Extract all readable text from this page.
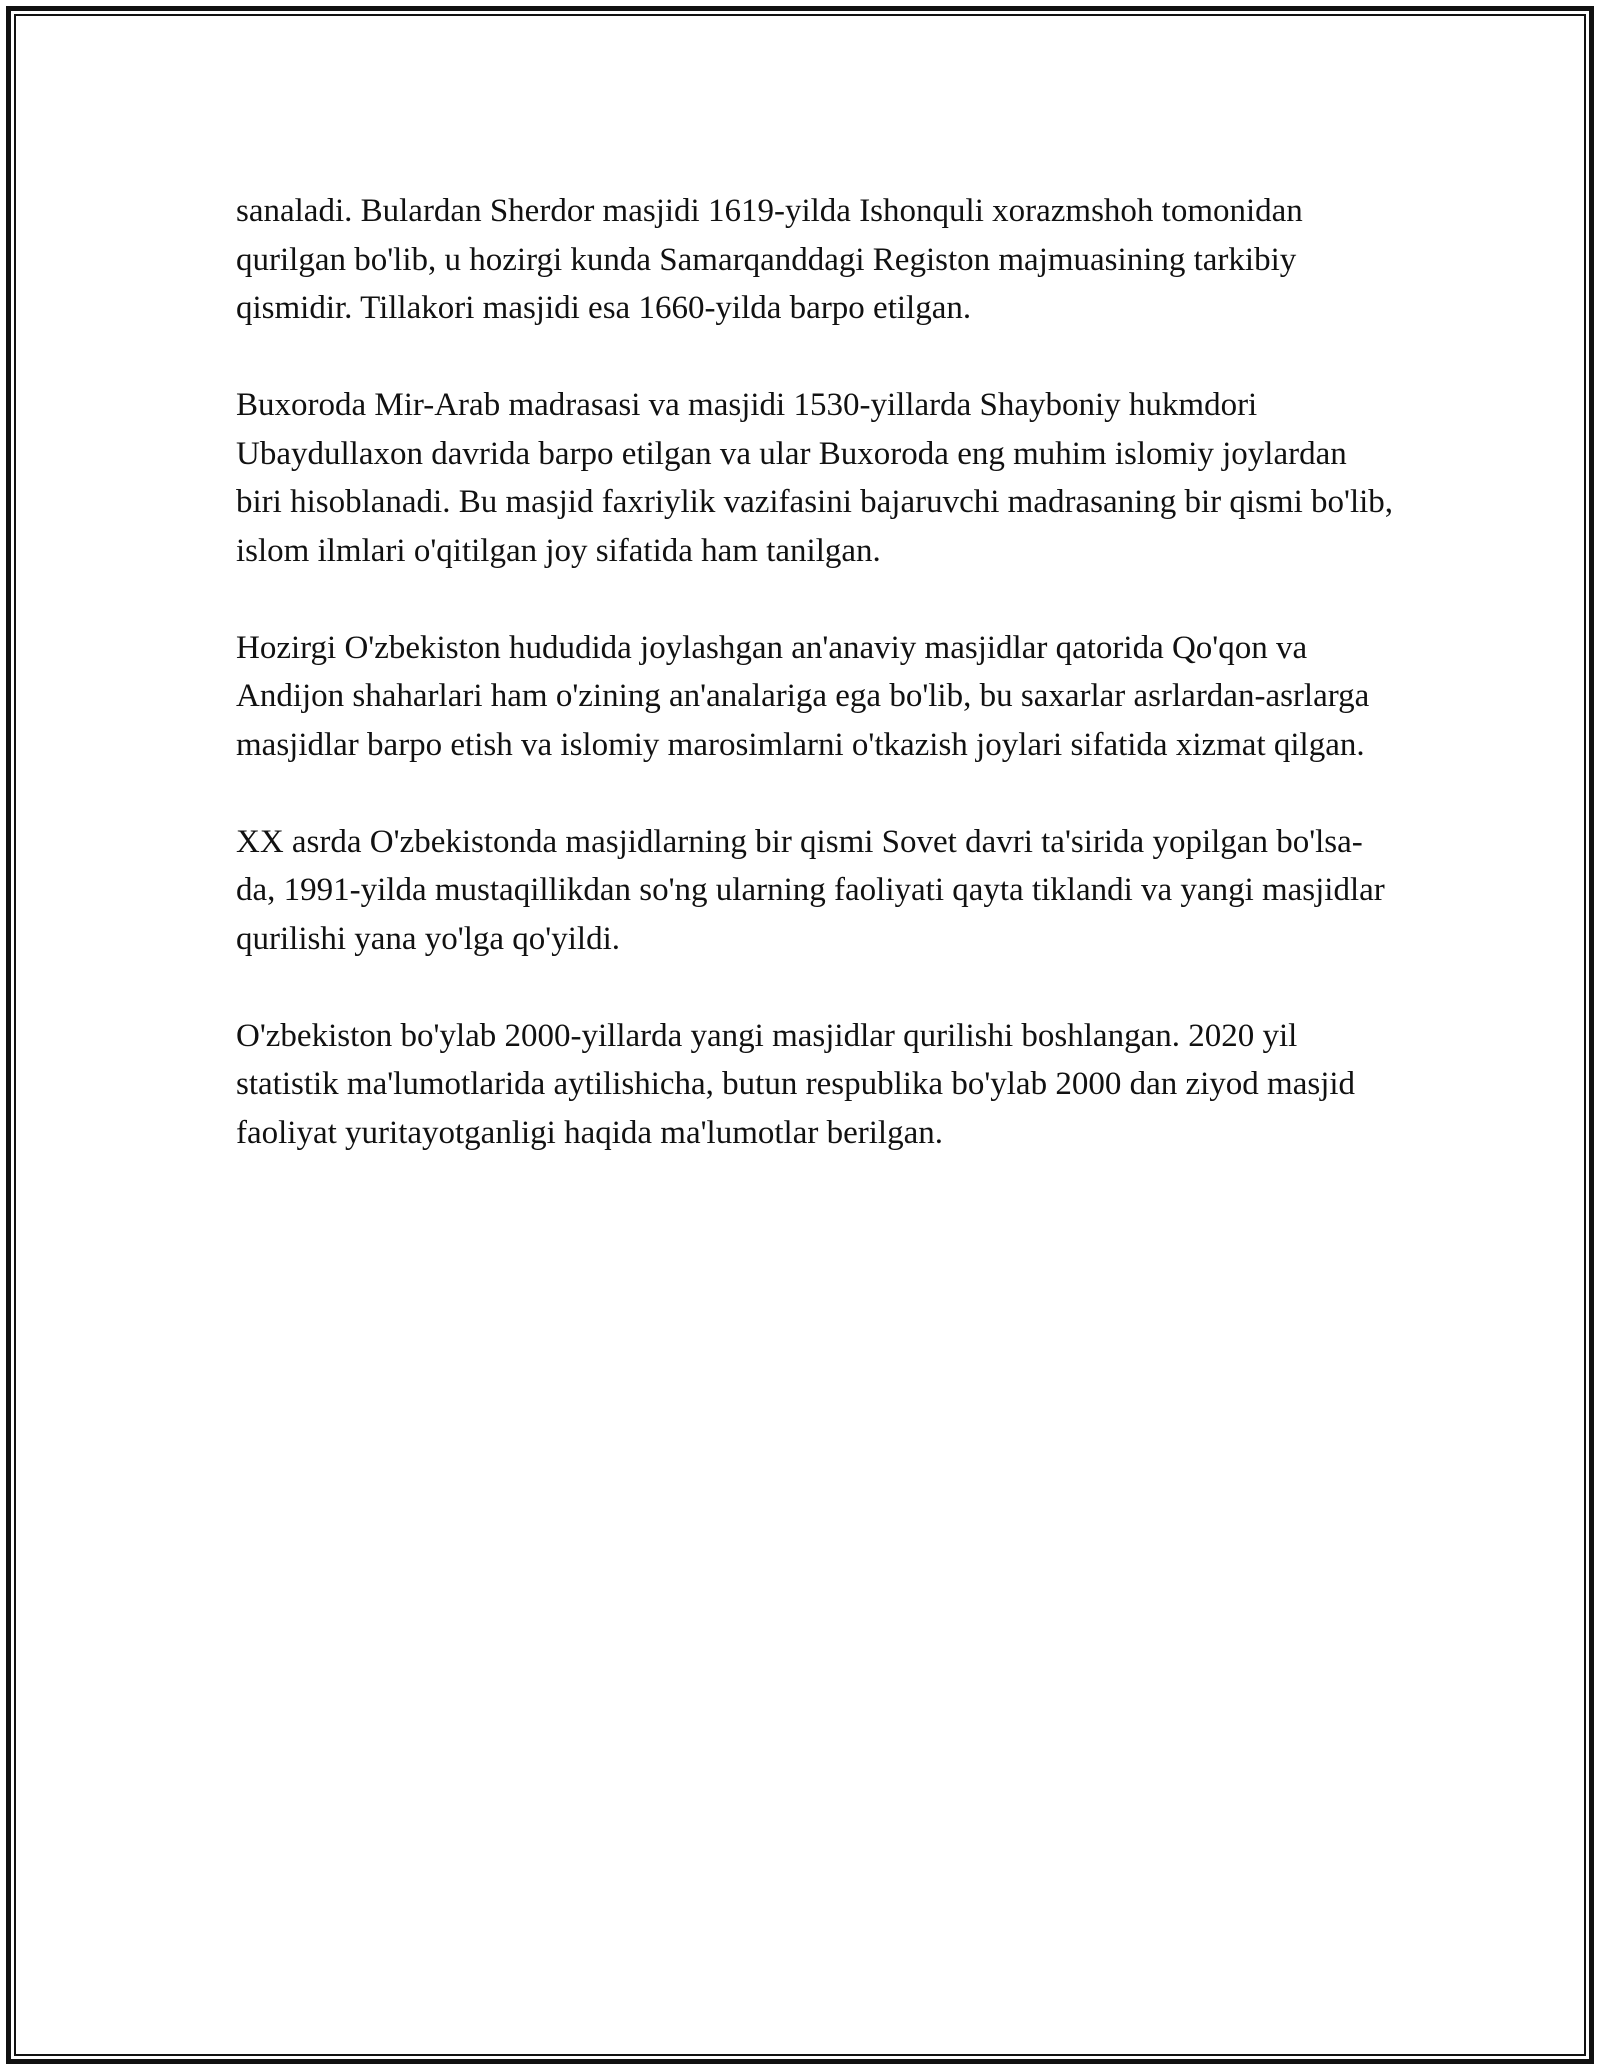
sanaladi. Bulardan Sherdor masjidi 1619-yilda Ishonquli xorazmshoh tomonidan qurilgan bo'lib, u hozirgi kunda Samarqanddagi Registon majmuasining tarkibiy qismidir. Tillakori masjidi esa 1660-yilda barpo etilgan.

Buxoroda Mir-Arab madrasasi va masjidi 1530-yillarda Shayboniy hukmdori Ubaydullaxon davrida barpo etilgan va ular Buxoroda eng muhim islomiy joylardan biri hisoblanadi. Bu masjid faxriylik vazifasini bajaruvchi madrasaning bir qismi bo'lib, islom ilmlari o'qitilgan joy sifatida ham tanilgan.

Hozirgi O'zbekiston hududida joylashgan an'anaviy masjidlar qatorida Qo'qon va Andijon shaharlari ham o'zining an'analariga ega bo'lib, bu saxarlar asrlardan-asrlarga masjidlar barpo etish va islomiy marosimlarni o'tkazish joylari sifatida xizmat qilgan.

XX asrda O'zbekistonda masjidlarning bir qismi Sovet davri ta'sirida yopilgan bo'lsa-da, 1991-yilda mustaqillikdan so'ng ularning faoliyati qayta tiklandi va yangi masjidlar qurilishi yana yo'lga qo'yildi.

O'zbekiston bo'ylab 2000-yillarda yangi masjidlar qurilishi boshlangan. 2020 yil statistik ma'lumotlarida aytilishicha, butun respublika bo'ylab 2000 dan ziyod masjid faoliyat yuritayotganligi haqida ma'lumotlar berilgan.
